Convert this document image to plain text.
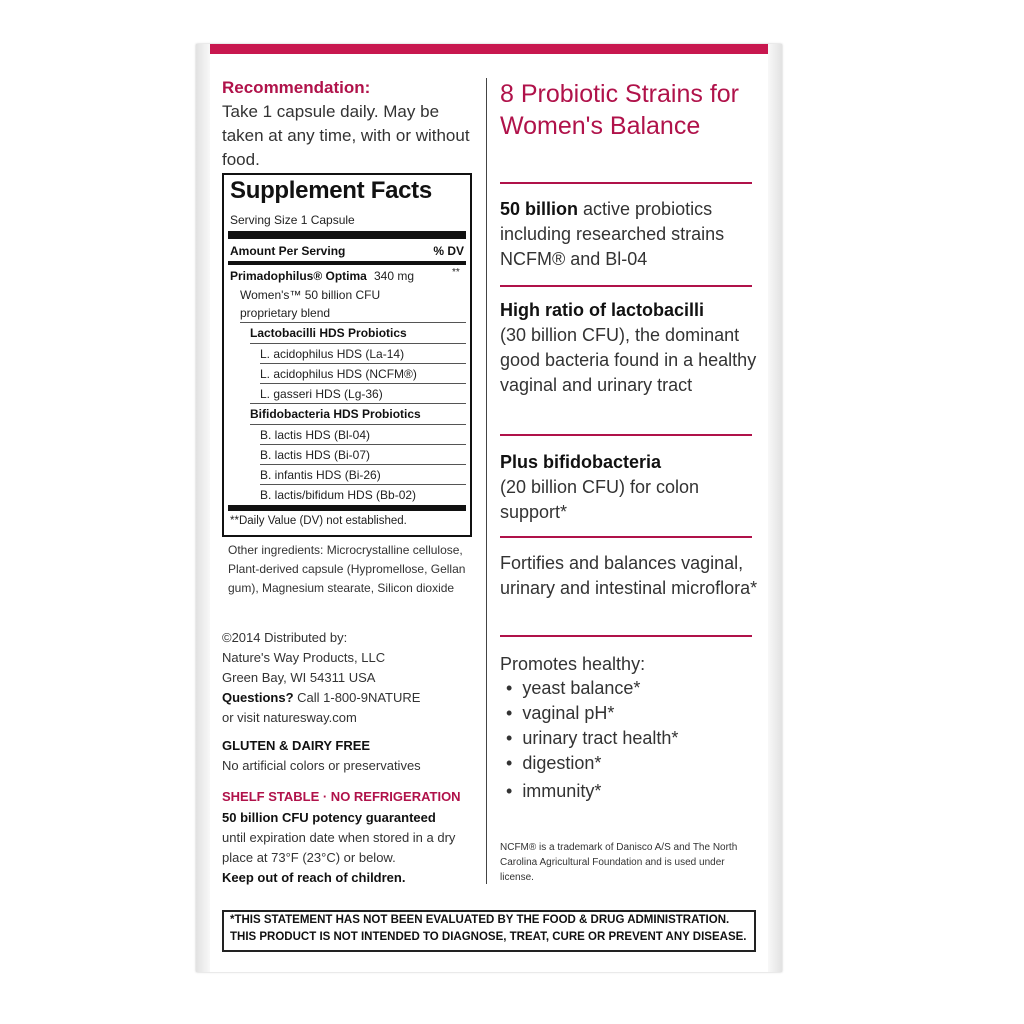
Recommendation:
Take 1 capsule daily. May be taken at any time, with or without food.
Supplement Facts
Serving Size 1 Capsule
Amount Per Serving	% DV
Primadophilus® Optima 340 mg	**
Women's™ 50 billion CFU
proprietary blend
Lactobacilli HDS Probiotics
L. acidophilus HDS (La-14)
L. acidophilus HDS (NCFM®)
L. gasseri HDS (Lg-36)
Bifidobacteria HDS Probiotics
B. lactis HDS (Bl-04)
B. lactis HDS (Bi-07)
B. infantis HDS (Bi-26)
B. lactis/bifidum HDS (Bb-02)
**Daily Value (DV) not established.
Other ingredients: Microcrystalline cellulose, Plant-derived capsule (Hypromellose, Gellan gum), Magnesium stearate, Silicon dioxide
©2014 Distributed by:
Nature's Way Products, LLC
Green Bay, WI 54311 USA
Questions? Call 1-800-9NATURE
or visit naturesway.com
GLUTEN & DAIRY FREE
No artificial colors or preservatives
SHELF STABLE · NO REFRIGERATION
50 billion CFU potency guaranteed
until expiration date when stored in a dry place at 73°F (23°C) or below.
Keep out of reach of children.
8 Probiotic Strains for Women's Balance
50 billion active probiotics including researched strains NCFM® and Bl-04
High ratio of lactobacilli
(30 billion CFU), the dominant good bacteria found in a healthy vaginal and urinary tract
Plus bifidobacteria
(20 billion CFU) for colon support*
Fortifies and balances vaginal, urinary and intestinal microflora*
Promotes healthy:
•  yeast balance*
•  vaginal pH*
•  urinary tract health*
•  digestion*
•  immunity*
NCFM® is a trademark of Danisco A/S and The North Carolina Agricultural Foundation and is used under license.

*THIS STATEMENT HAS NOT BEEN EVALUATED BY THE FOOD & DRUG ADMINISTRATION.

THIS PRODUCT IS NOT INTENDED TO DIAGNOSE, TREAT, CURE OR PREVENT ANY DISEASE.
